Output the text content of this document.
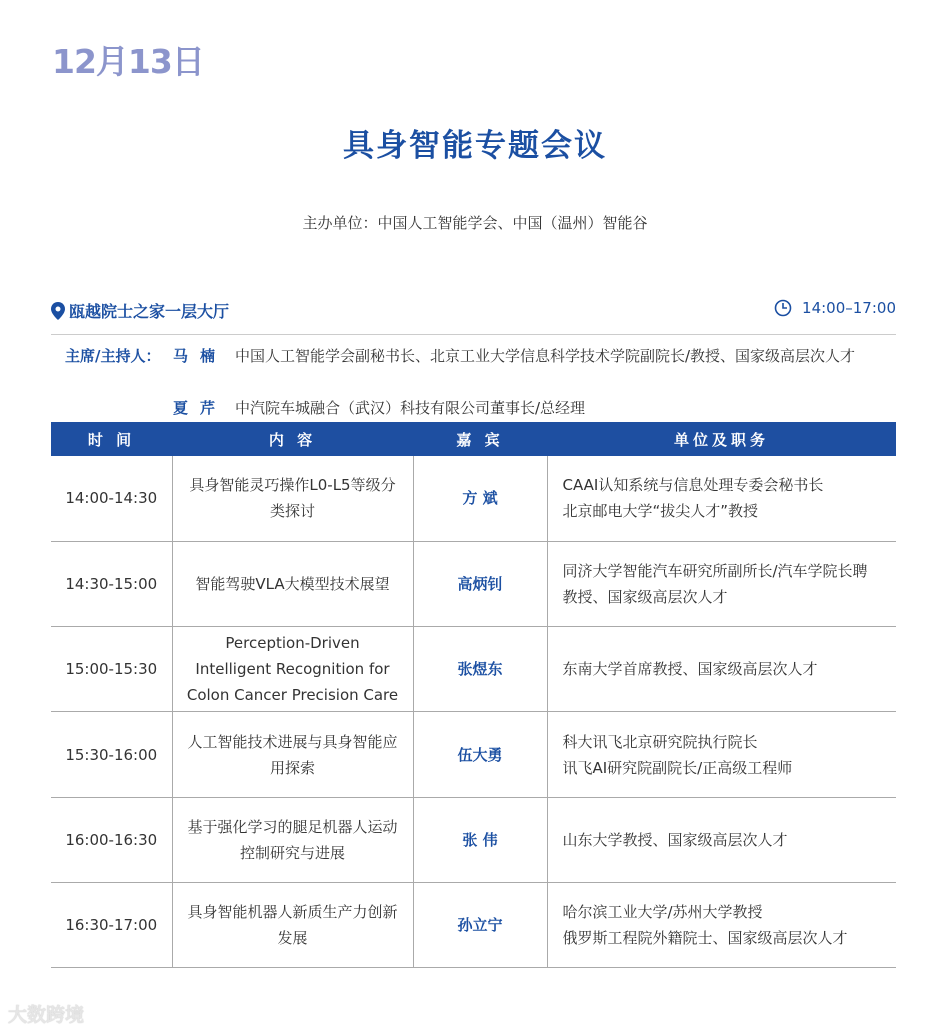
12月13日
具身智能专题会议
主办单位：中国人工智能学会、中国（温州）智能谷
瓯越院士之家一层大厅	14:00–17:00
主席/主持人： 马楠 中国人工智能学会副秘书长、北京工业大学信息科学技术学院副院长/教授、国家级高层次人才
夏芹 中汽院车城融合（武汉）科技有限公司董事长/总经理
时 间	内 容	嘉 宾	单位及职务
14:00-14:30	具身智能灵巧操作L0-L5等级分类探讨	方 斌	CAAI认知系统与信息处理专委会秘书长
北京邮电大学“拔尖人才”教授

14:30-15:00	智能驾驶VLA大模型技术展望	高炳钊	同济大学智能汽车研究所副所长/汽车学院长聘教授、国家级高层次人才

15:00-15:30	Perception-Driven Intelligent Recognition for Colon Cancer Precision Care	张煜东	东南大学首席教授、国家级高层次人才

15:30-16:00	人工智能技术进展与具身智能应用探索	伍大勇	科大讯飞北京研究院执行院长
讯飞AI研究院副院长/正高级工程师

16:00-16:30	基于强化学习的腿足机器人运动控制研究与进展	张 伟	山东大学教授、国家级高层次人才

16:30-17:00	具身智能机器人新质生产力创新发展	孙立宁	哈尔滨工业大学/苏州大学教授
俄罗斯工程院外籍院士、国家级高层次人才
大数跨境
